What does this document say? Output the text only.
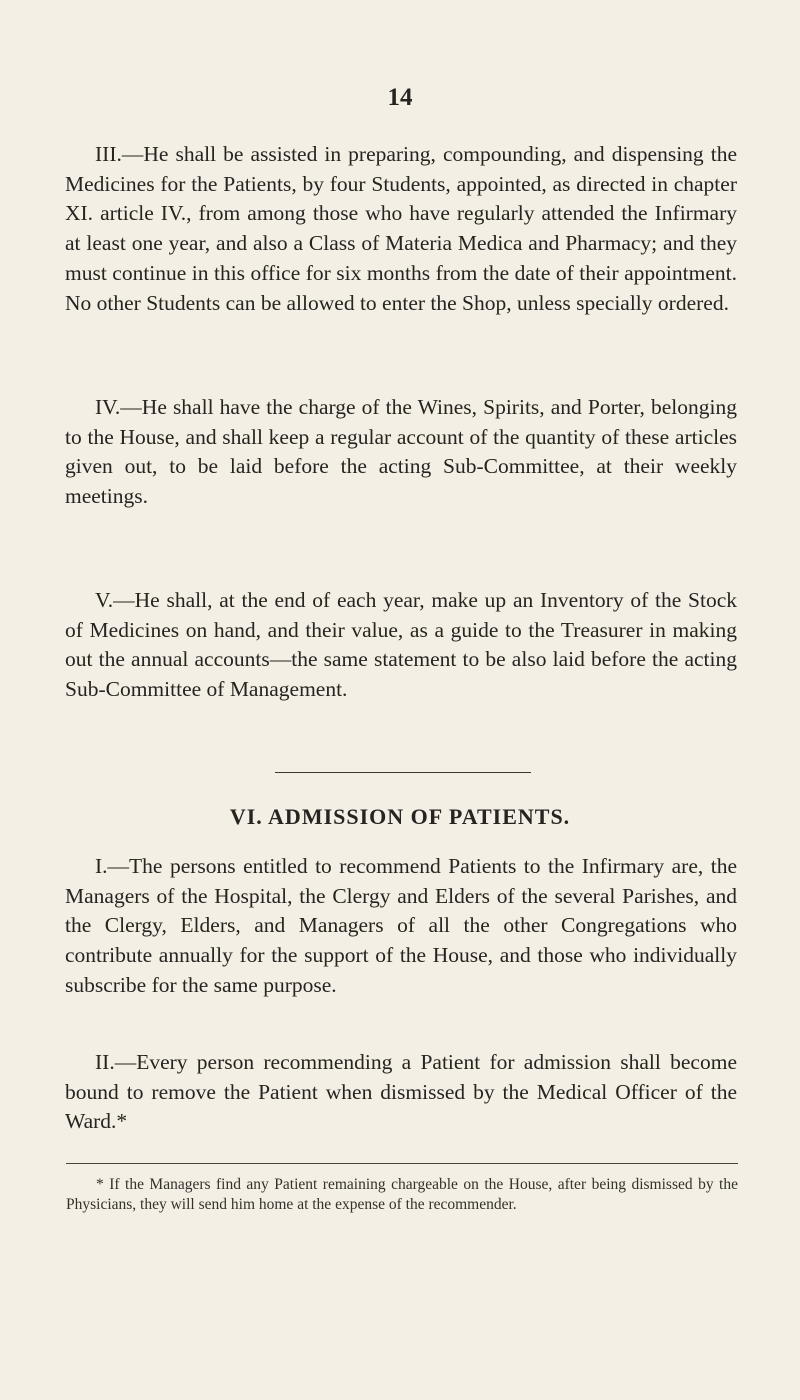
14

III.—He shall be assisted in preparing, compounding, and dispensing the Medicines for the Patients, by four Students, appointed, as directed in chapter XI. article IV., from among those who have regularly attended the Infirmary at least one year, and also a Class of Materia Medica and Pharmacy; and they must continue in this office for six months from the date of their appointment. No other Students can be allowed to enter the Shop, unless specially ordered.

IV.—He shall have the charge of the Wines, Spirits, and Porter, belonging to the House, and shall keep a regular account of the quantity of these articles given out, to be laid before the acting Sub-Committee, at their weekly meetings.

V.—He shall, at the end of each year, make up an Inventory of the Stock of Medicines on hand, and their value, as a guide to the Treasurer in making out the annual accounts—the same statement to be also laid before the acting Sub-Committee of Management.

VI. ADMISSION OF PATIENTS.

I.—The persons entitled to recommend Patients to the Infirmary are, the Managers of the Hospital, the Clergy and Elders of the several Parishes, and the Clergy, Elders, and Managers of all the other Congregations who contribute annually for the support of the House, and those who individually subscribe for the same purpose.

II.—Every person recommending a Patient for admission shall become bound to remove the Patient when dismissed by the Medical Officer of the Ward.*

* If the Managers find any Patient remaining chargeable on the House, after being dismissed by the Physicians, they will send him home at the expense of the recommender.
